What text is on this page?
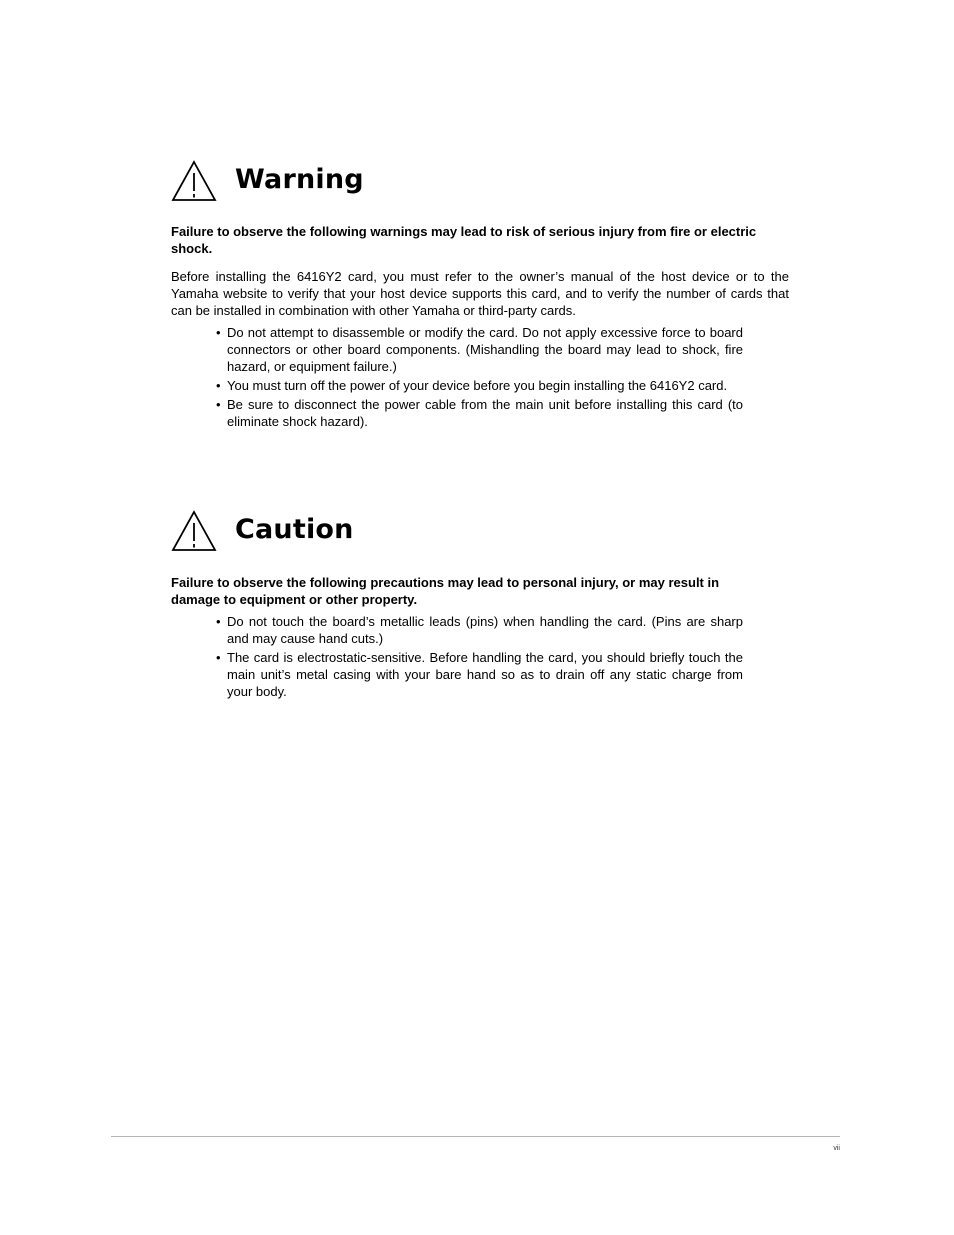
Warning

Failure to observe the following warnings may lead to risk of serious injury from fire or electric shock.

Before installing the 6416Y2 card, you must refer to the owner’s manual of the host device or to the Yamaha website to verify that your host device supports this card, and to verify the number of cards that can be installed in combination with other Yamaha or third-party cards.

• Do not attempt to disassemble or modify the card. Do not apply excessive force to board connectors or other board components. (Mishandling the board may lead to shock, fire hazard, or equipment failure.)
• You must turn off the power of your device before you begin installing the 6416Y2 card.
• Be sure to disconnect the power cable from the main unit before installing this card (to eliminate shock hazard).
Caution

Failure to observe the following precautions may lead to personal injury, or may result in damage to equipment or other property.

• Do not touch the board’s metallic leads (pins) when handling the card. (Pins are sharp and may cause hand cuts.)
• The card is electrostatic-sensitive. Before handling the card, you should briefly touch the main unit’s metal casing with your bare hand so as to drain off any static charge from your body.
vii
